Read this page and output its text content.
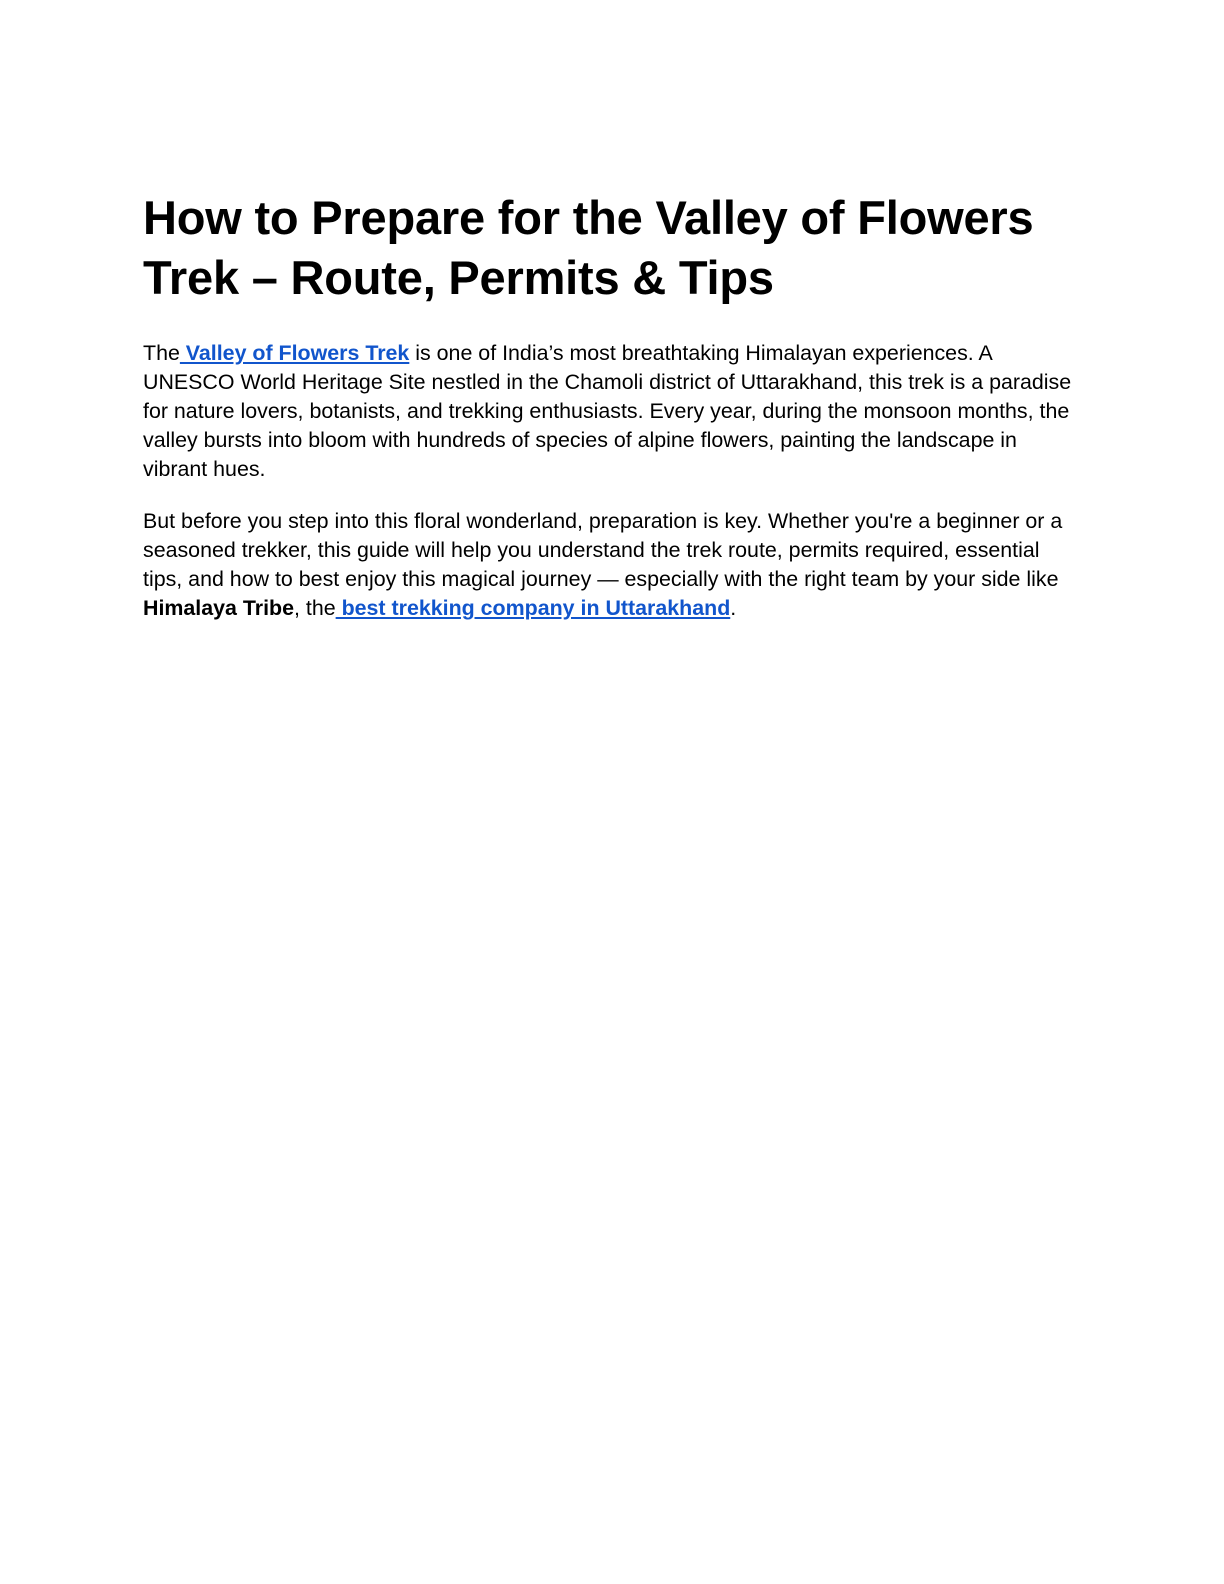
How to Prepare for the Valley of Flowers Trek – Route, Permits & Tips

The Valley of Flowers Trek is one of India’s most breathtaking Himalayan experiences. A UNESCO World Heritage Site nestled in the Chamoli district of Uttarakhand, this trek is a paradise for nature lovers, botanists, and trekking enthusiasts. Every year, during the monsoon months, the valley bursts into bloom with hundreds of species of alpine flowers, painting the landscape in vibrant hues.

But before you step into this floral wonderland, preparation is key. Whether you're a beginner or a seasoned trekker, this guide will help you understand the trek route, permits required, essential tips, and how to best enjoy this magical journey — especially with the right team by your side like Himalaya Tribe, the best trekking company in Uttarakhand.
